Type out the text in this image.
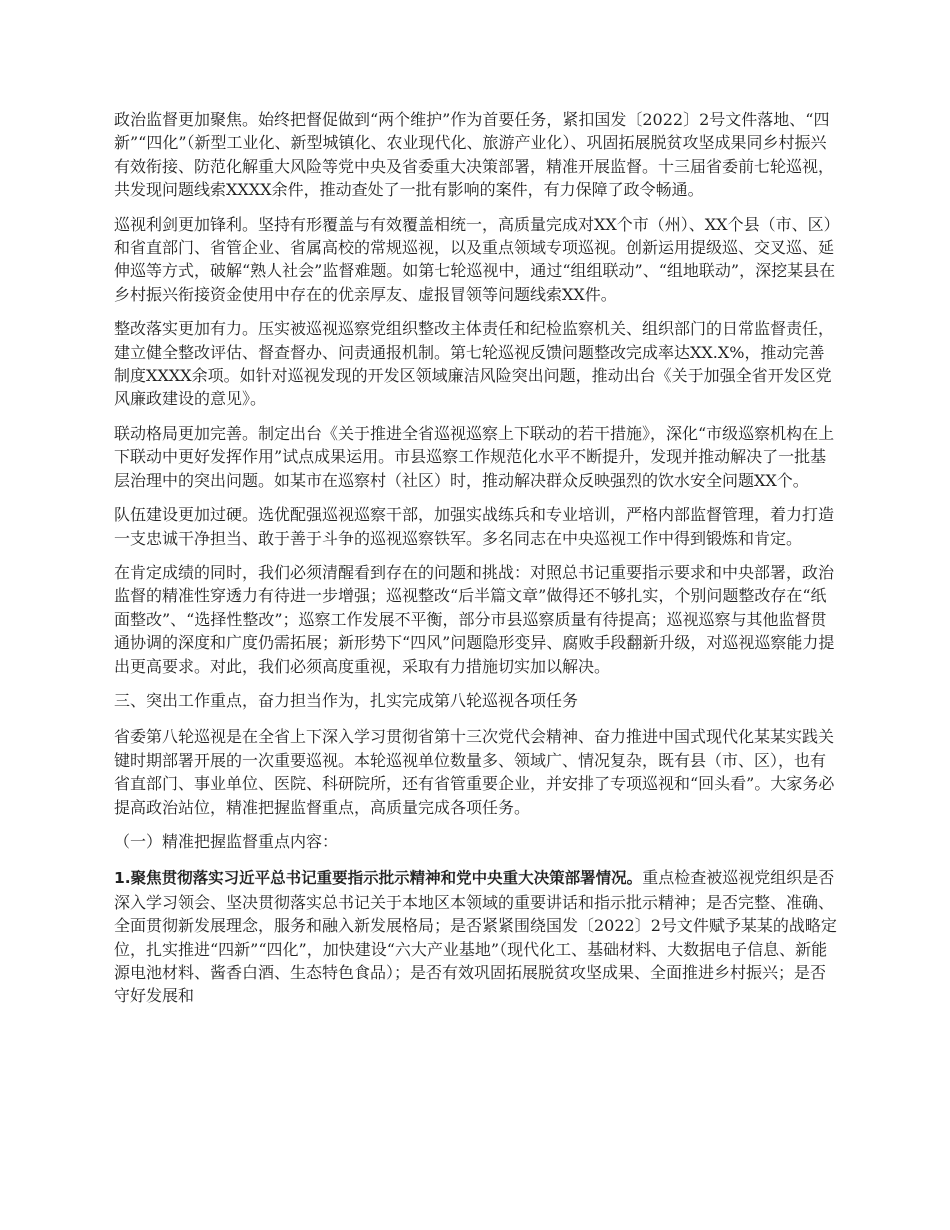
政治监督更加聚焦。始终把督促做到“两个维护”作为首要任务，紧扣国发〔2022〕2号文件落地、“四新”“四化”（新型工业化、新型城镇化、农业现代化、旅游产业化）、巩固拓展脱贫攻坚成果同乡村振兴有效衔接、防范化解重大风险等党中央及省委重大决策部署，精准开展监督。十三届省委前七轮巡视，共发现问题线索XXXX余件，推动查处了一批有影响的案件，有力保障了政令畅通。

巡视利剑更加锋利。坚持有形覆盖与有效覆盖相统一，高质量完成对XX个市（州）、XX个县（市、区）和省直部门、省管企业、省属高校的常规巡视，以及重点领域专项巡视。创新运用提级巡、交叉巡、延伸巡等方式，破解“熟人社会”监督难题。如第七轮巡视中，通过“组组联动”、“组地联动”，深挖某县在乡村振兴衔接资金使用中存在的优亲厚友、虚报冒领等问题线索XX件。

整改落实更加有力。压实被巡视巡察党组织整改主体责任和纪检监察机关、组织部门的日常监督责任，建立健全整改评估、督查督办、问责通报机制。第七轮巡视反馈问题整改完成率达XX.X%，推动完善制度XXXX余项。如针对巡视发现的开发区领域廉洁风险突出问题，推动出台《关于加强全省开发区党风廉政建设的意见》。

联动格局更加完善。制定出台《关于推进全省巡视巡察上下联动的若干措施》，深化“市级巡察机构在上下联动中更好发挥作用”试点成果运用。市县巡察工作规范化水平不断提升，发现并推动解决了一批基层治理中的突出问题。如某市在巡察村（社区）时，推动解决群众反映强烈的饮水安全问题XX个。

队伍建设更加过硬。选优配强巡视巡察干部，加强实战练兵和专业培训，严格内部监督管理，着力打造一支忠诚干净担当、敢于善于斗争的巡视巡察铁军。多名同志在中央巡视工作中得到锻炼和肯定。

在肯定成绩的同时，我们必须清醒看到存在的问题和挑战：对照总书记重要指示要求和中央部署，政治监督的精准性穿透力有待进一步增强；巡视整改“后半篇文章”做得还不够扎实，个别问题整改存在“纸面整改”、“选择性整改”；巡察工作发展不平衡，部分市县巡察质量有待提高；巡视巡察与其他监督贯通协调的深度和广度仍需拓展；新形势下“四风”问题隐形变异、腐败手段翻新升级，对巡视巡察能力提出更高要求。对此，我们必须高度重视，采取有力措施切实加以解决。

三、突出工作重点，奋力担当作为，扎实完成第八轮巡视各项任务

省委第八轮巡视是在全省上下深入学习贯彻省第十三次党代会精神、奋力推进中国式现代化某某实践关键时期部署开展的一次重要巡视。本轮巡视单位数量多、领域广、情况复杂，既有县（市、区），也有省直部门、事业单位、医院、科研院所，还有省管重要企业，并安排了专项巡视和“回头看”。大家务必提高政治站位，精准把握监督重点，高质量完成各项任务。

（一）精准把握监督重点内容：

1.聚焦贯彻落实习近平总书记重要指示批示精神和党中央重大决策部署情况。重点检查被巡视党组织是否深入学习领会、坚决贯彻落实总书记关于本地区本领域的重要讲话和指示批示精神；是否完整、准确、全面贯彻新发展理念，服务和融入新发展格局；是否紧紧围绕国发〔2022〕2号文件赋予某某的战略定位，扎实推进“四新”“四化”，加快建设“六大产业基地”（现代化工、基础材料、大数据电子信息、新能源电池材料、酱香白酒、生态特色食品）；是否有效巩固拓展脱贫攻坚成果、全面推进乡村振兴；是否守好发展和
